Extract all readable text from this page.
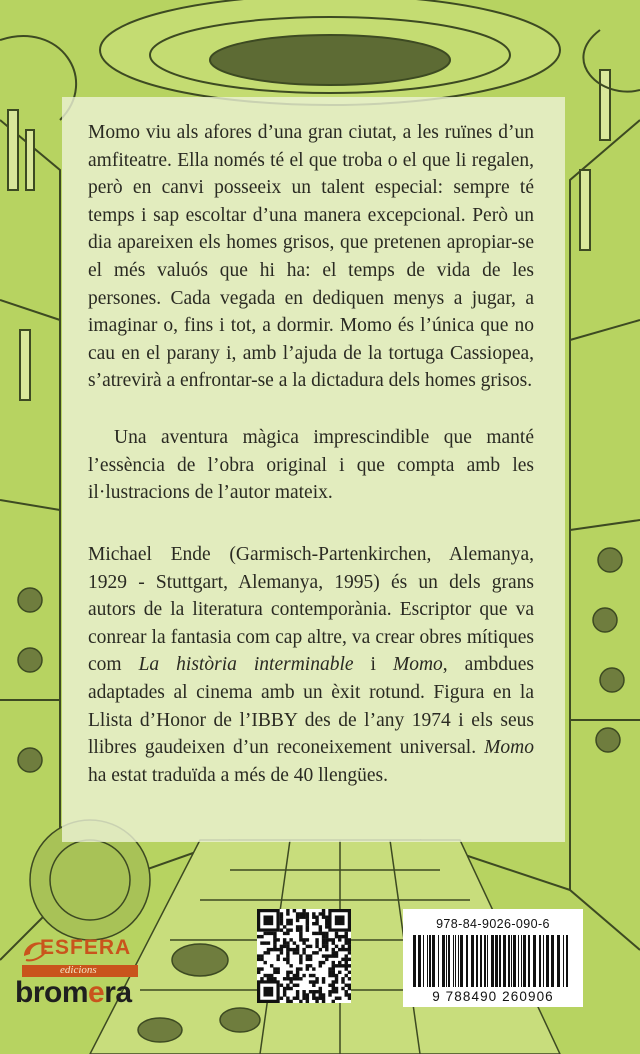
Momo viu als afores d’una gran ciutat, a les ruïnes d’un amfiteatre. Ella només té el que troba o el que li regalen, però en canvi posseeix un talent especial: sempre té temps i sap escoltar d’una manera excepcional. Però un dia apareixen els homes grisos, que pretenen apropiar-se el més valuós que hi ha: el temps de vida de les persones. Cada vegada en dediquen menys a jugar, a imaginar o, fins i tot, a dormir. Momo és l’única que no cau en el parany i, amb l’ajuda de la tortuga Cassiopea, s’atrevirà a enfrontar-se a la dictadura dels homes grisos.

Una aventura màgica imprescindible que manté l’essència de l’obra original i que compta amb les il·lustracions de l’autor mateix.

Michael Ende (Garmisch-Partenkirchen, Alemanya, 1929 - Stuttgart, Alemanya, 1995) és un dels grans autors de la literatura contemporània. Escriptor que va conrear la fantasia com cap altre, va crear obres mítiques com La història interminable i Momo, ambdues adaptades al cinema amb un èxit rotund. Figura en la Llista d’Honor de l’IBBY des de l’any 1974 i els seus llibres gaudeixen d’un reconeixement universal. Momo ha estat traduïda a més de 40 llengües.

ESFERA
edicions
bromera
978-84-9026-090-6
9 788490 260906
